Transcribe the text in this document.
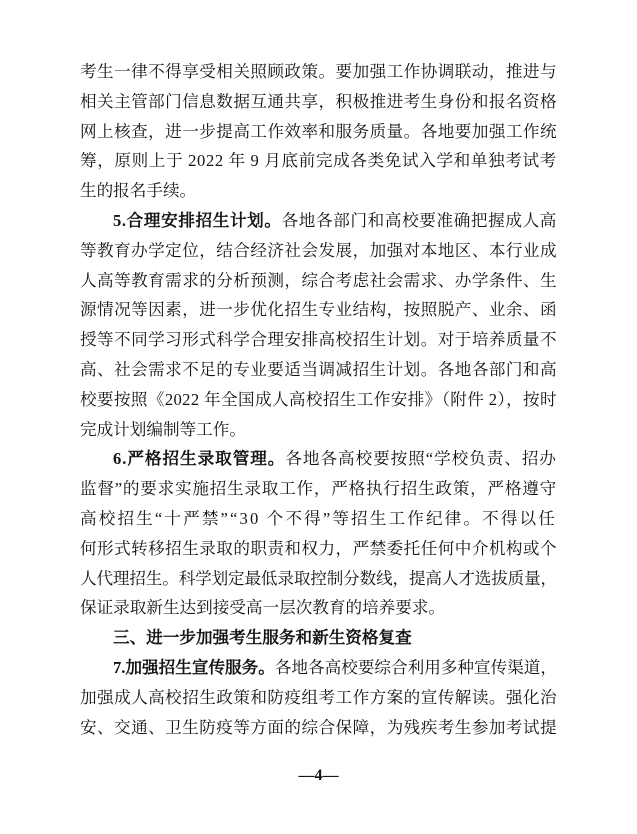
考生一律不得享受相关照顾政策。要加强工作协调联动，推进与
相关主管部门信息数据互通共享，积极推进考生身份和报名资格
网上核查，进一步提高工作效率和服务质量。各地要加强工作统
筹，原则上于 2022 年 9 月底前完成各类免试入学和单独考试考
生的报名手续。
5.合理安排招生计划。各地各部门和高校要准确把握成人高
等教育办学定位，结合经济社会发展，加强对本地区、本行业成
人高等教育需求的分析预测，综合考虑社会需求、办学条件、生
源情况等因素，进一步优化招生专业结构，按照脱产、业余、函
授等不同学习形式科学合理安排高校招生计划。对于培养质量不
高、社会需求不足的专业要适当调减招生计划。各地各部门和高
校要按照《2022 年全国成人高校招生工作安排》（附件 2），按时
完成计划编制等工作。
6.严格招生录取管理。各地各高校要按照“学校负责、招办
监督”的要求实施招生录取工作，严格执行招生政策，严格遵守
高校招生“十严禁”“30 个不得”等招生工作纪律。不得以任
何形式转移招生录取的职责和权力，严禁委托任何中介机构或个
人代理招生。科学划定最低录取控制分数线，提高人才选拔质量，
保证录取新生达到接受高一层次教育的培养要求。
三、进一步加强考生服务和新生资格复查
7.加强招生宣传服务。各地各高校要综合利用多种宣传渠道，
加强成人高校招生政策和防疫组考工作方案的宣传解读。强化治
安、交通、卫生防疫等方面的综合保障，为残疾考生参加考试提
—4—
